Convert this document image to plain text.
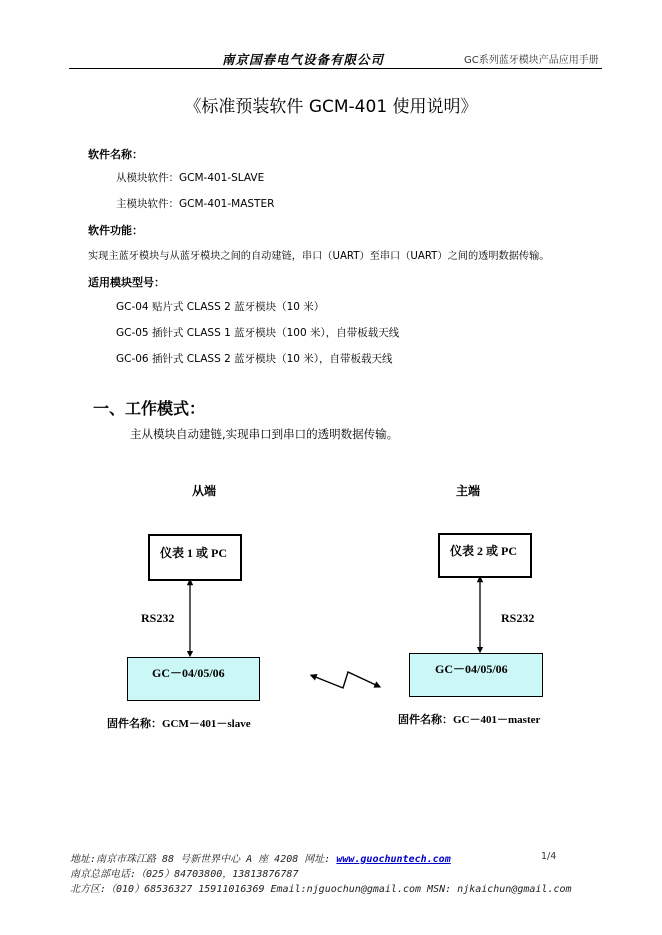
南京国春电气设备有限公司	GC系列蓝牙模块产品应用手册
《标准预装软件 GCM-401 使用说明》
软件名称：
从模块软件：GCM-401-SLAVE
主模块软件：GCM-401-MASTER
软件功能：
实现主蓝牙模块与从蓝牙模块之间的自动建链，串口（UART）至串口（UART）之间的透明数据传输。
适用模块型号：
GC-04 贴片式 CLASS 2 蓝牙模块（10 米）
GC-05 插针式 CLASS 1 蓝牙模块（100 米），自带板载天线
GC-06 插针式 CLASS 2 蓝牙模块（10 米），自带板载天线
一、工作模式：
主从模块自动建链,实现串口到串口的透明数据传输。
从端	主端
仪表 1 或 PC	仪表 2 或 PC
RS232	RS232
GC－04/05/06	GC－04/05/06
固件名称：GCM－401－slave	固件名称：GC－401－master
地址:南京市珠江路 88 号新世界中心 A 座 4208 网址: www.guochuntech.com	1/4
南京总部电话:（025）84703800，13813876787
北方区:（010）68536327 15911016369 Email:njguochun@gmail.com MSN: njkaichun@gmail.com
